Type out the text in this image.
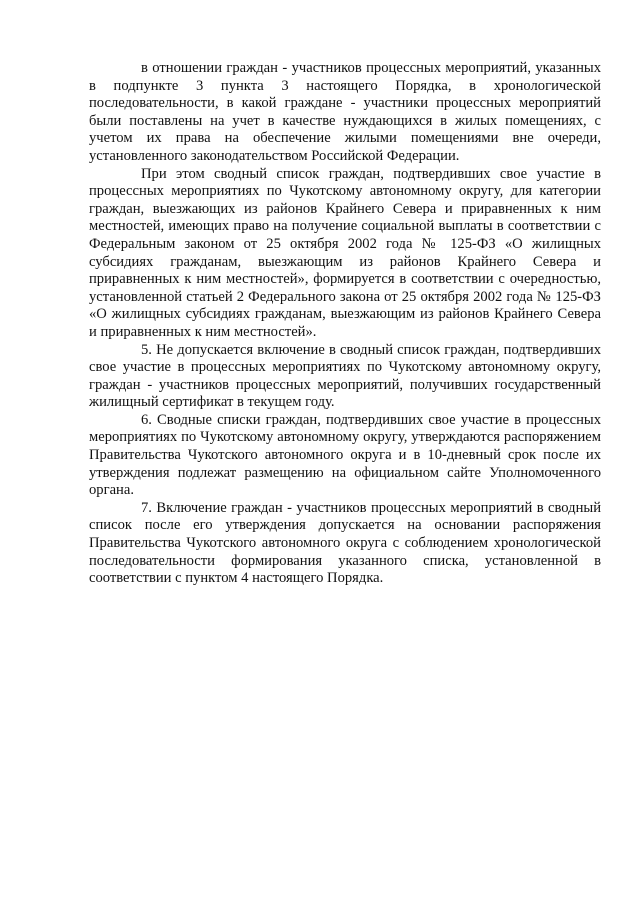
в отношении граждан - участников процессных мероприятий, указанных в подпункте 3 пункта 3 настоящего Порядка, в хронологической последовательности, в какой граждане - участники процессных мероприятий были поставлены на учет в качестве нуждающихся в жилых помещениях, с учетом их права на обеспечение жилыми помещениями вне очереди, установленного законодательством Российской Федерации.

При этом сводный список граждан, подтвердивших свое участие в процессных мероприятиях по Чукотскому автономному округу, для категории граждан, выезжающих из районов Крайнего Севера и приравненных к ним местностей, имеющих право на получение социальной выплаты в соответствии с Федеральным законом от 25 октября 2002 года № 125-ФЗ «О жилищных субсидиях гражданам, выезжающим из районов Крайнего Севера и приравненных к ним местностей», формируется в соответствии с очередностью, установленной статьей 2 Федерального закона от 25 октября 2002 года № 125-ФЗ «О жилищных субсидиях гражданам, выезжающим из районов Крайнего Севера и приравненных к ним местностей».

5. Не допускается включение в сводный список граждан, подтвердивших свое участие в процессных мероприятиях по Чукотскому автономному округу, граждан - участников процессных мероприятий, получивших государственный жилищный сертификат в текущем году.

6. Сводные списки граждан, подтвердивших свое участие в процессных мероприятиях по Чукотскому автономному округу, утверждаются распоряжением Правительства Чукотского автономного округа и в 10-дневный срок после их утверждения подлежат размещению на официальном сайте Уполномоченного органа.

7. Включение граждан - участников процессных мероприятий в сводный список после его утверждения допускается на основании распоряжения Правительства Чукотского автономного округа с соблюдением хронологической последовательности формирования указанного списка, установленной в соответствии с пунктом 4 настоящего Порядка.
